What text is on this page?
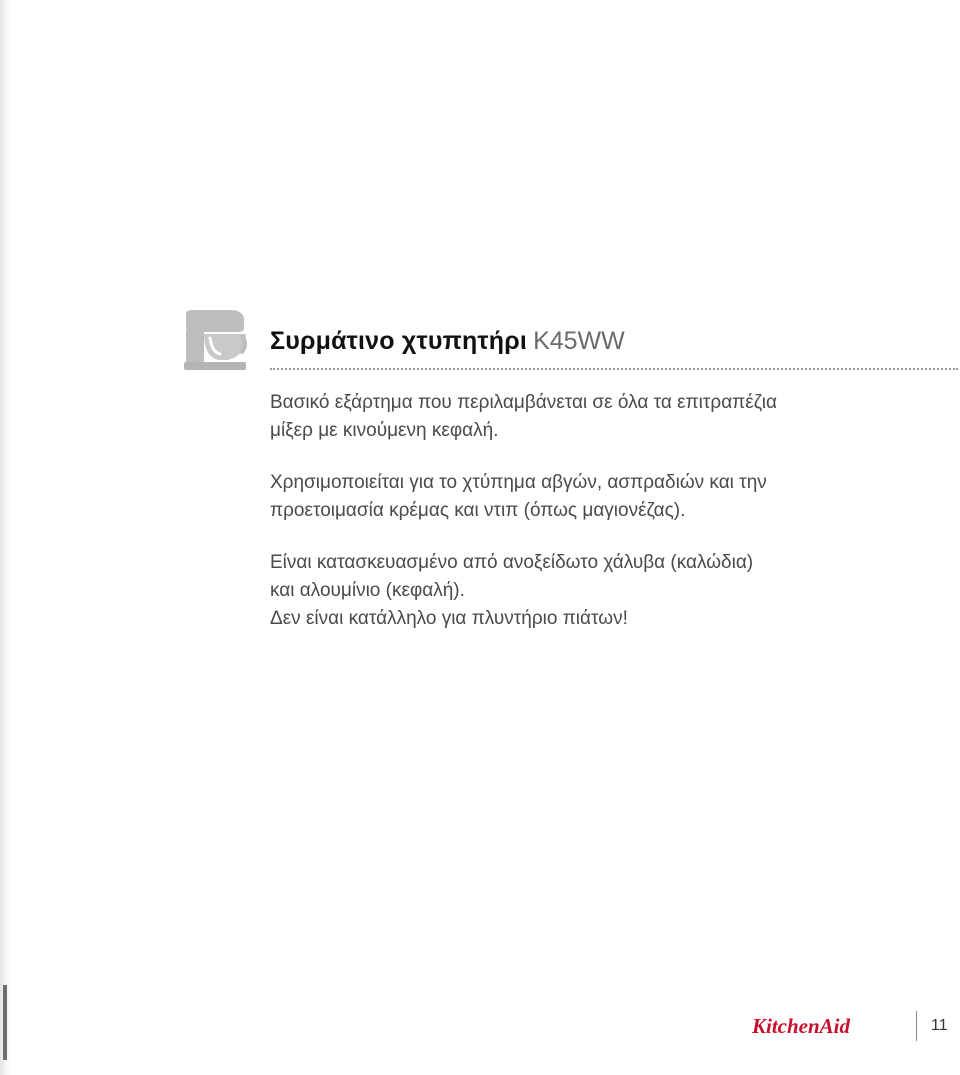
Συρμάτινο χτυπητήρι K45WW

Βασικό εξάρτημα που περιλαμβάνεται σε όλα τα επιτραπέζια
μίξερ με κινούμενη κεφαλή.

Χρησιμοποιείται για το χτύπημα αβγών, ασπραδιών και την
προετοιμασία κρέμας και ντιπ (όπως μαγιονέζας).

Είναι κατασκευασμένο από ανοξείδωτο χάλυβα (καλώδια)
και αλουμίνιο (κεφαλή).
Δεν είναι κατάλληλο για πλυντήριο πιάτων!

KitchenAid	11
